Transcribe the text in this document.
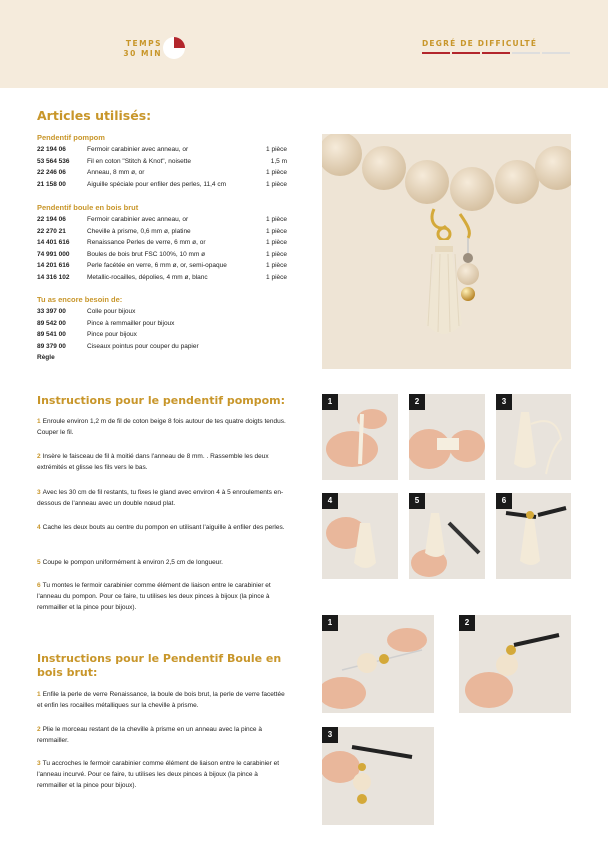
TEMPS
30 MIN
DEGRÉ DE DIFFICULTÉ
Articles utilisés:
Pendentif pompom
22 194 06	Fermoir carabinier avec anneau, or	1 pièce
53 564 536	Fil en coton "Stitch & Knot", noisette	1,5 m
22 246 06	Anneau, 8 mm ø, or	1 pièce
21 158 00	Aiguille spéciale pour enfiler des perles, 11,4 cm	1 pièce
Pendentif boule en bois brut
22 194 06	Fermoir carabinier avec anneau, or	1 pièce
22 270 21	Cheville à prisme, 0,6 mm ø, platine	1 pièce
14 401 616	Renaissance Perles de verre, 6 mm ø, or	1 pièce
74 991 000	Boules de bois brut FSC 100%, 10 mm ø	1 pièce
14 201 616	Perle facétée en verre, 6 mm ø, or, semi-opaque	1 pièce
14 316 102	Metallic-rocailles, dépolies, 4 mm ø, blanc	1 pièce
Tu as encore besoin de:
33 397 00	Colle pour bijoux
89 542 00	Pince à remmailler pour bijoux
89 541 00	Pince pour bijoux
89 379 00	Ciseaux pointus pour couper du papier
Règle
Instructions pour le pendentif pompom:
1 Enroule environ 1,2 m de fil de coton beige 8 fois autour de tes quatre doigts tendus. Couper le fil.
2 Insère le faisceau de fil à moitié dans l'anneau de 8 mm. . Rassemble les deux extrémités et glisse les fils vers le bas.
3 Avec les 30 cm de fil restants, tu fixes le gland avec environ 4 à 5 enroulements en-dessous de l'anneau avec un double nœud plat.
4 Cache les deux bouts au centre du pompon en utilisant l'aiguille à enfiler des perles.
5 Coupe le pompon uniformément à environ 2,5 cm de longueur.
6 Tu montes le fermoir carabinier comme élément de liaison entre le carabinier et l'anneau du pompon. Pour ce faire, tu utilises les deux pinces à bijoux (la pince à remmailler et la pince pour bijoux).
1	2	3
4	5	6
Instructions pour le Pendentif Boule en
bois brut:
1 Enfile la perle de verre Renaissance, la boule de bois brut, la perle de verre facettée et enfin les rocailles métalliques sur la cheville à prisme.
2 Plie le morceau restant de la cheville à prisme en un anneau avec la pince à remmailler.
3 Tu accroches le fermoir carabinier comme élément de liaison entre le carabinier et l'anneau incurvé. Pour ce faire, tu utilises les deux pinces à bijoux (la pince à remmailler et la pince pour bijoux).
1	2
3
